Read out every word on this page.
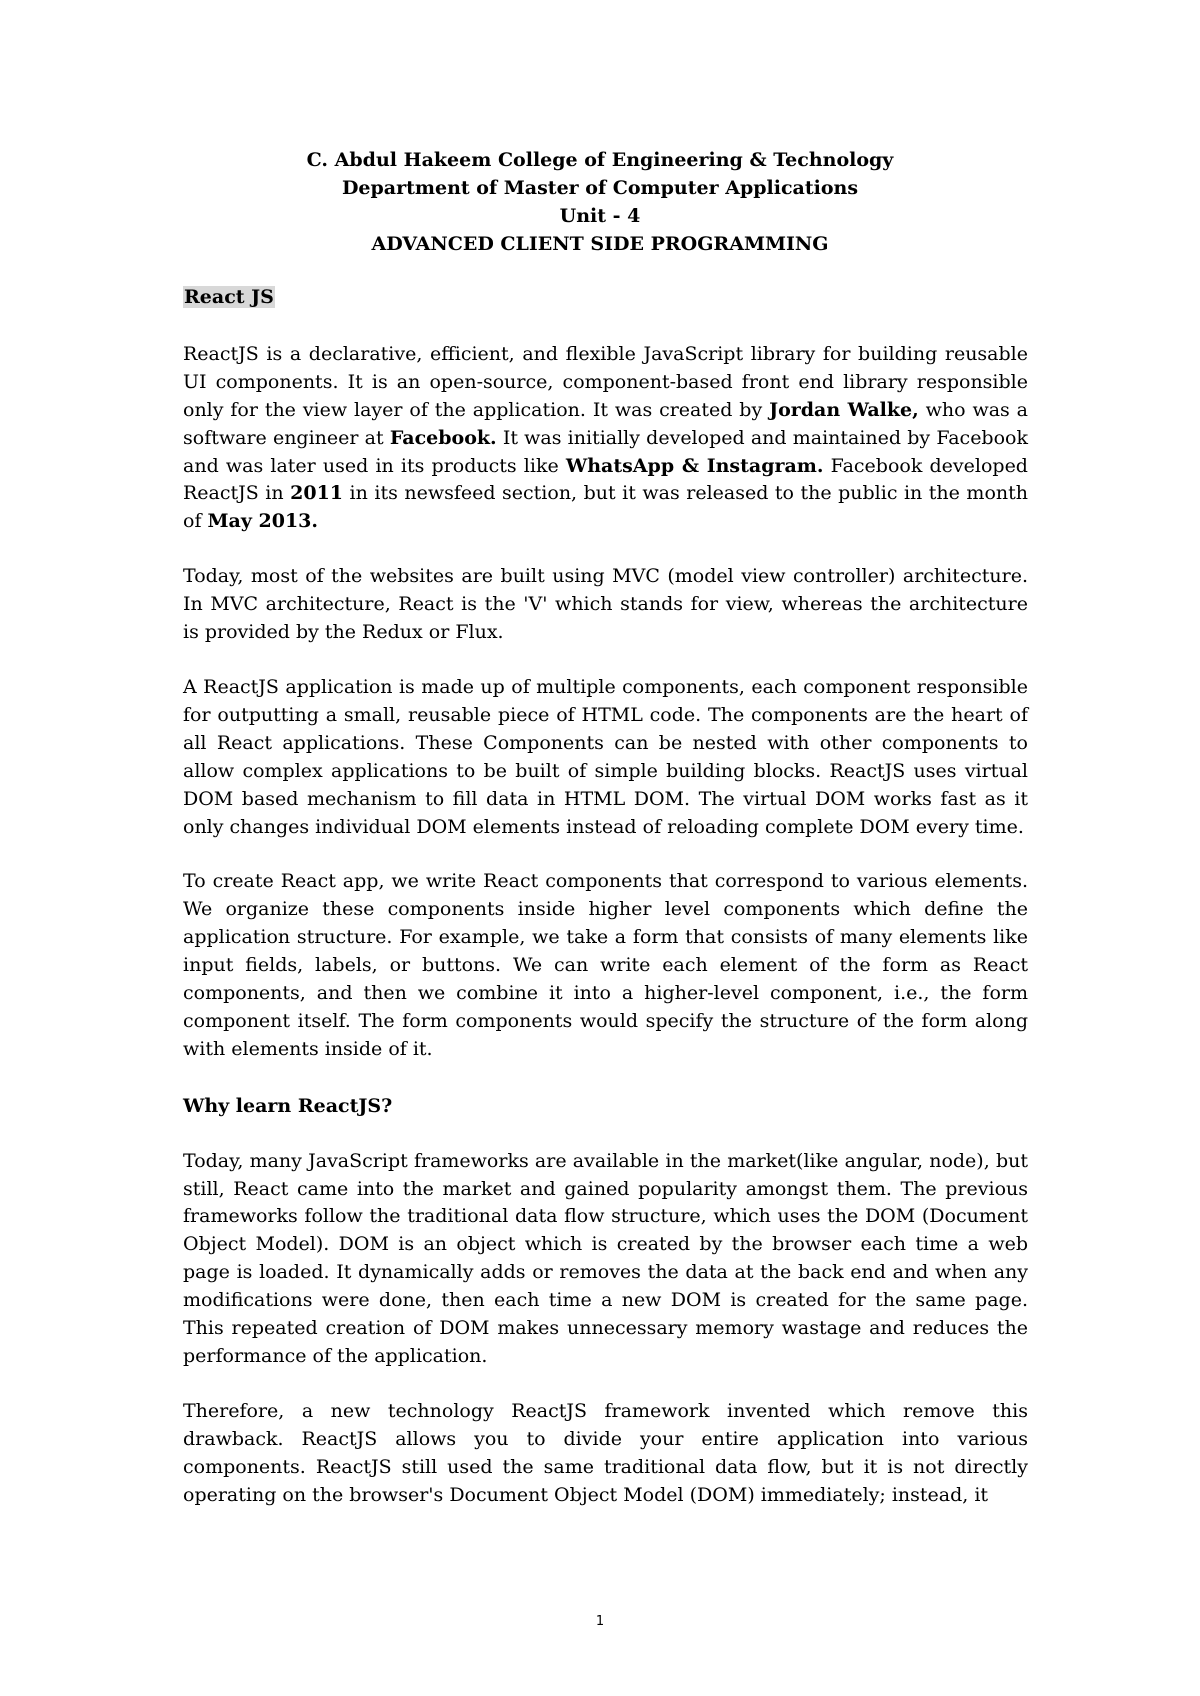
C. Abdul Hakeem College of Engineering & Technology
Department of Master of Computer Applications
Unit - 4
ADVANCED CLIENT SIDE PROGRAMMING

React JS

ReactJS is a declarative, efficient, and flexible JavaScript library for building reusable UI components. It is an open-source, component-based front end library responsible only for the view layer of the application. It was created by Jordan Walke, who was a software engineer at Facebook. It was initially developed and maintained by Facebook and was later used in its products like WhatsApp & Instagram. Facebook developed ReactJS in 2011 in its newsfeed section, but it was released to the public in the month of May 2013.

Today, most of the websites are built using MVC (model view controller) architecture. In MVC architecture, React is the 'V' which stands for view, whereas the architecture is provided by the Redux or Flux.

A ReactJS application is made up of multiple components, each component responsible for outputting a small, reusable piece of HTML code. The components are the heart of all React applications. These Components can be nested with other components to allow complex applications to be built of simple building blocks. ReactJS uses virtual DOM based mechanism to fill data in HTML DOM. The virtual DOM works fast as it only changes individual DOM elements instead of reloading complete DOM every time.

To create React app, we write React components that correspond to various elements. We organize these components inside higher level components which define the application structure. For example, we take a form that consists of many elements like input fields, labels, or buttons. We can write each element of the form as React components, and then we combine it into a higher-level component, i.e., the form component itself. The form components would specify the structure of the form along with elements inside of it.

Why learn ReactJS?

Today, many JavaScript frameworks are available in the market(like angular, node), but still, React came into the market and gained popularity amongst them. The previous frameworks follow the traditional data flow structure, which uses the DOM (Document Object Model). DOM is an object which is created by the browser each time a web page is loaded. It dynamically adds or removes the data at the back end and when any modifications were done, then each time a new DOM is created for the same page. This repeated creation of DOM makes unnecessary memory wastage and reduces the performance of the application.

Therefore, a new technology ReactJS framework invented which remove this drawback. ReactJS allows you to divide your entire application into various components. ReactJS still used the same traditional data flow, but it is not directly operating on the browser's Document Object Model (DOM) immediately; instead, it

1
